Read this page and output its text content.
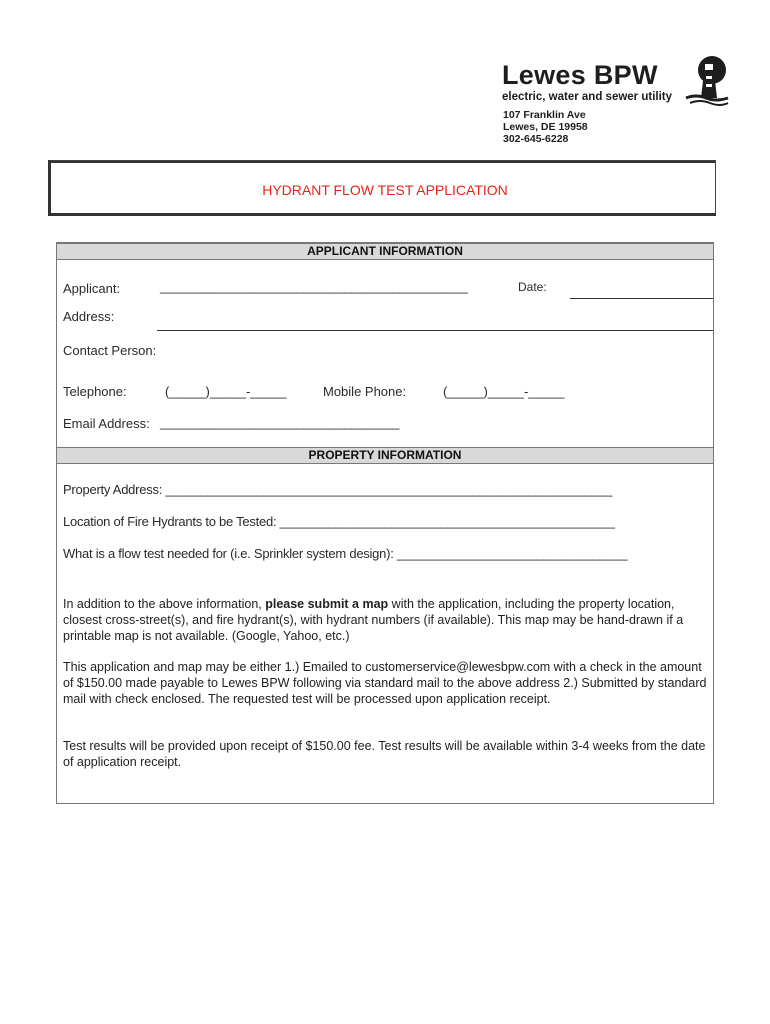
Lewes BPW
electric, water and sewer utility
107 Franklin Ave
Lewes, DE 19958
302-645-6228
HYDRANT FLOW TEST APPLICATION
APPLICANT INFORMATION
Applicant:	_____________________________________________	Date:
Address:
Contact Person:
Telephone:	(_____)_____-_____	Mobile Phone:	(_____)_____-_____
Email Address: ___________________________________
PROPERTY INFORMATION
Property Address: ________________________________________________________________
Location of Fire Hydrants to be Tested: ________________________________________________
What is a flow test needed for (i.e. Sprinkler system design): _________________________________
In addition to the above information, please submit a map with the application, including the property location, closest cross-street(s), and fire hydrant(s), with hydrant numbers (if available). This map may be hand-drawn if a printable map is not available. (Google, Yahoo, etc.)
This application and map may be either 1.) Emailed to customerservice@lewesbpw.com with a check in the amount of $150.00 made payable to Lewes BPW following via standard mail to the above address 2.) Submitted by standard mail with check enclosed. The requested test will be processed upon application receipt.
Test results will be provided upon receipt of $150.00 fee. Test results will be available within 3-4 weeks from the date of application receipt.
